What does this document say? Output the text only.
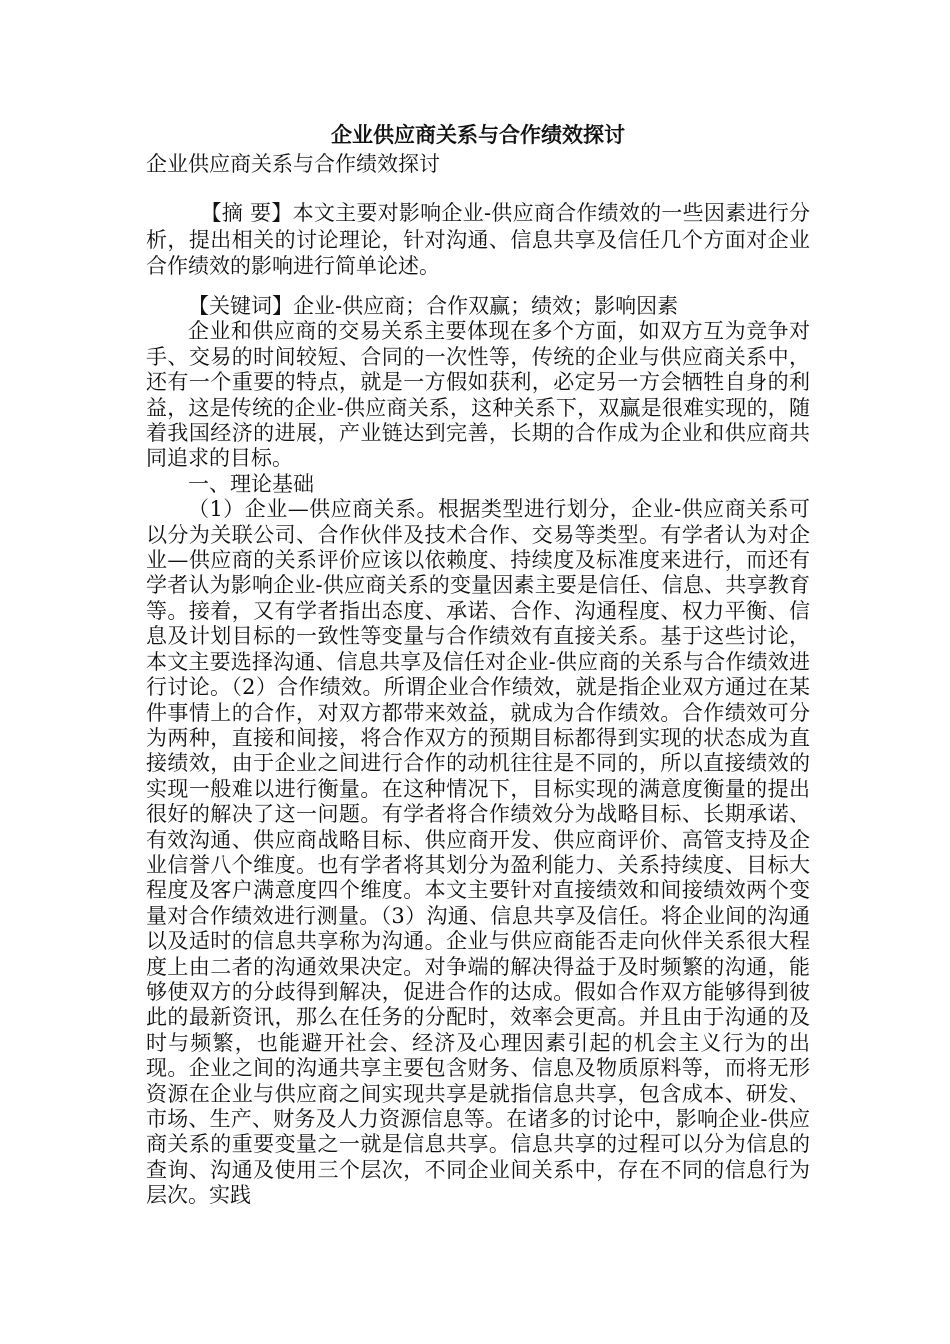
企业供应商关系与合作绩效探讨

企业供应商关系与合作绩效探讨

【摘 要】本文主要对影响企业-供应商合作绩效的一些因素进行分析，提出相关的讨论理论，针对沟通、信息共享及信任几个方面对企业合作绩效的影响进行简单论述。

【关键词】企业-供应商；合作双赢；绩效；影响因素

企业和供应商的交易关系主要体现在多个方面，如双方互为竞争对手、交易的时间较短、合同的一次性等，传统的企业与供应商关系中，还有一个重要的特点，就是一方假如获利，必定另一方会牺牲自身的利益，这是传统的企业-供应商关系，这种关系下，双赢是很难实现的，随着我国经济的进展，产业链达到完善，长期的合作成为企业和供应商共同追求的目标。

一、理论基础

（1）企业—供应商关系。根据类型进行划分，企业-供应商关系可以分为关联公司、合作伙伴及技术合作、交易等类型。有学者认为对企业—供应商的关系评价应该以依赖度、持续度及标准度来进行，而还有学者认为影响企业-供应商关系的变量因素主要是信任、信息、共享教育等。接着，又有学者指出态度、承诺、合作、沟通程度、权力平衡、信息及计划目标的一致性等变量与合作绩效有直接关系。基于这些讨论，本文主要选择沟通、信息共享及信任对企业-供应商的关系与合作绩效进行讨论。（2）合作绩效。所谓企业合作绩效，就是指企业双方通过在某件事情上的合作，对双方都带来效益，就成为合作绩效。合作绩效可分为两种，直接和间接，将合作双方的预期目标都得到实现的状态成为直接绩效，由于企业之间进行合作的动机往往是不同的，所以直接绩效的实现一般难以进行衡量。在这种情况下，目标实现的满意度衡量的提出很好的解决了这一问题。有学者将合作绩效分为战略目标、长期承诺、有效沟通、供应商战略目标、供应商开发、供应商评价、高管支持及企业信誉八个维度。也有学者将其划分为盈利能力、关系持续度、目标大程度及客户满意度四个维度。本文主要针对直接绩效和间接绩效两个变量对合作绩效进行测量。（3）沟通、信息共享及信任。将企业间的沟通以及适时的信息共享称为沟通。企业与供应商能否走向伙伴关系很大程度上由二者的沟通效果决定。对争端的解决得益于及时频繁的沟通，能够使双方的分歧得到解决，促进合作的达成。假如合作双方能够得到彼此的最新资讯，那么在任务的分配时，效率会更高。并且由于沟通的及时与频繁，也能避开社会、经济及心理因素引起的机会主义行为的出现。企业之间的沟通共享主要包含财务、信息及物质原料等，而将无形资源在企业与供应商之间实现共享是就指信息共享，包含成本、研发、市场、生产、财务及人力资源信息等。在诸多的讨论中，影响企业-供应商关系的重要变量之一就是信息共享。信息共享的过程可以分为信息的查询、沟通及使用三个层次，不同企业间关系中，存在不同的信息行为层次。实践
